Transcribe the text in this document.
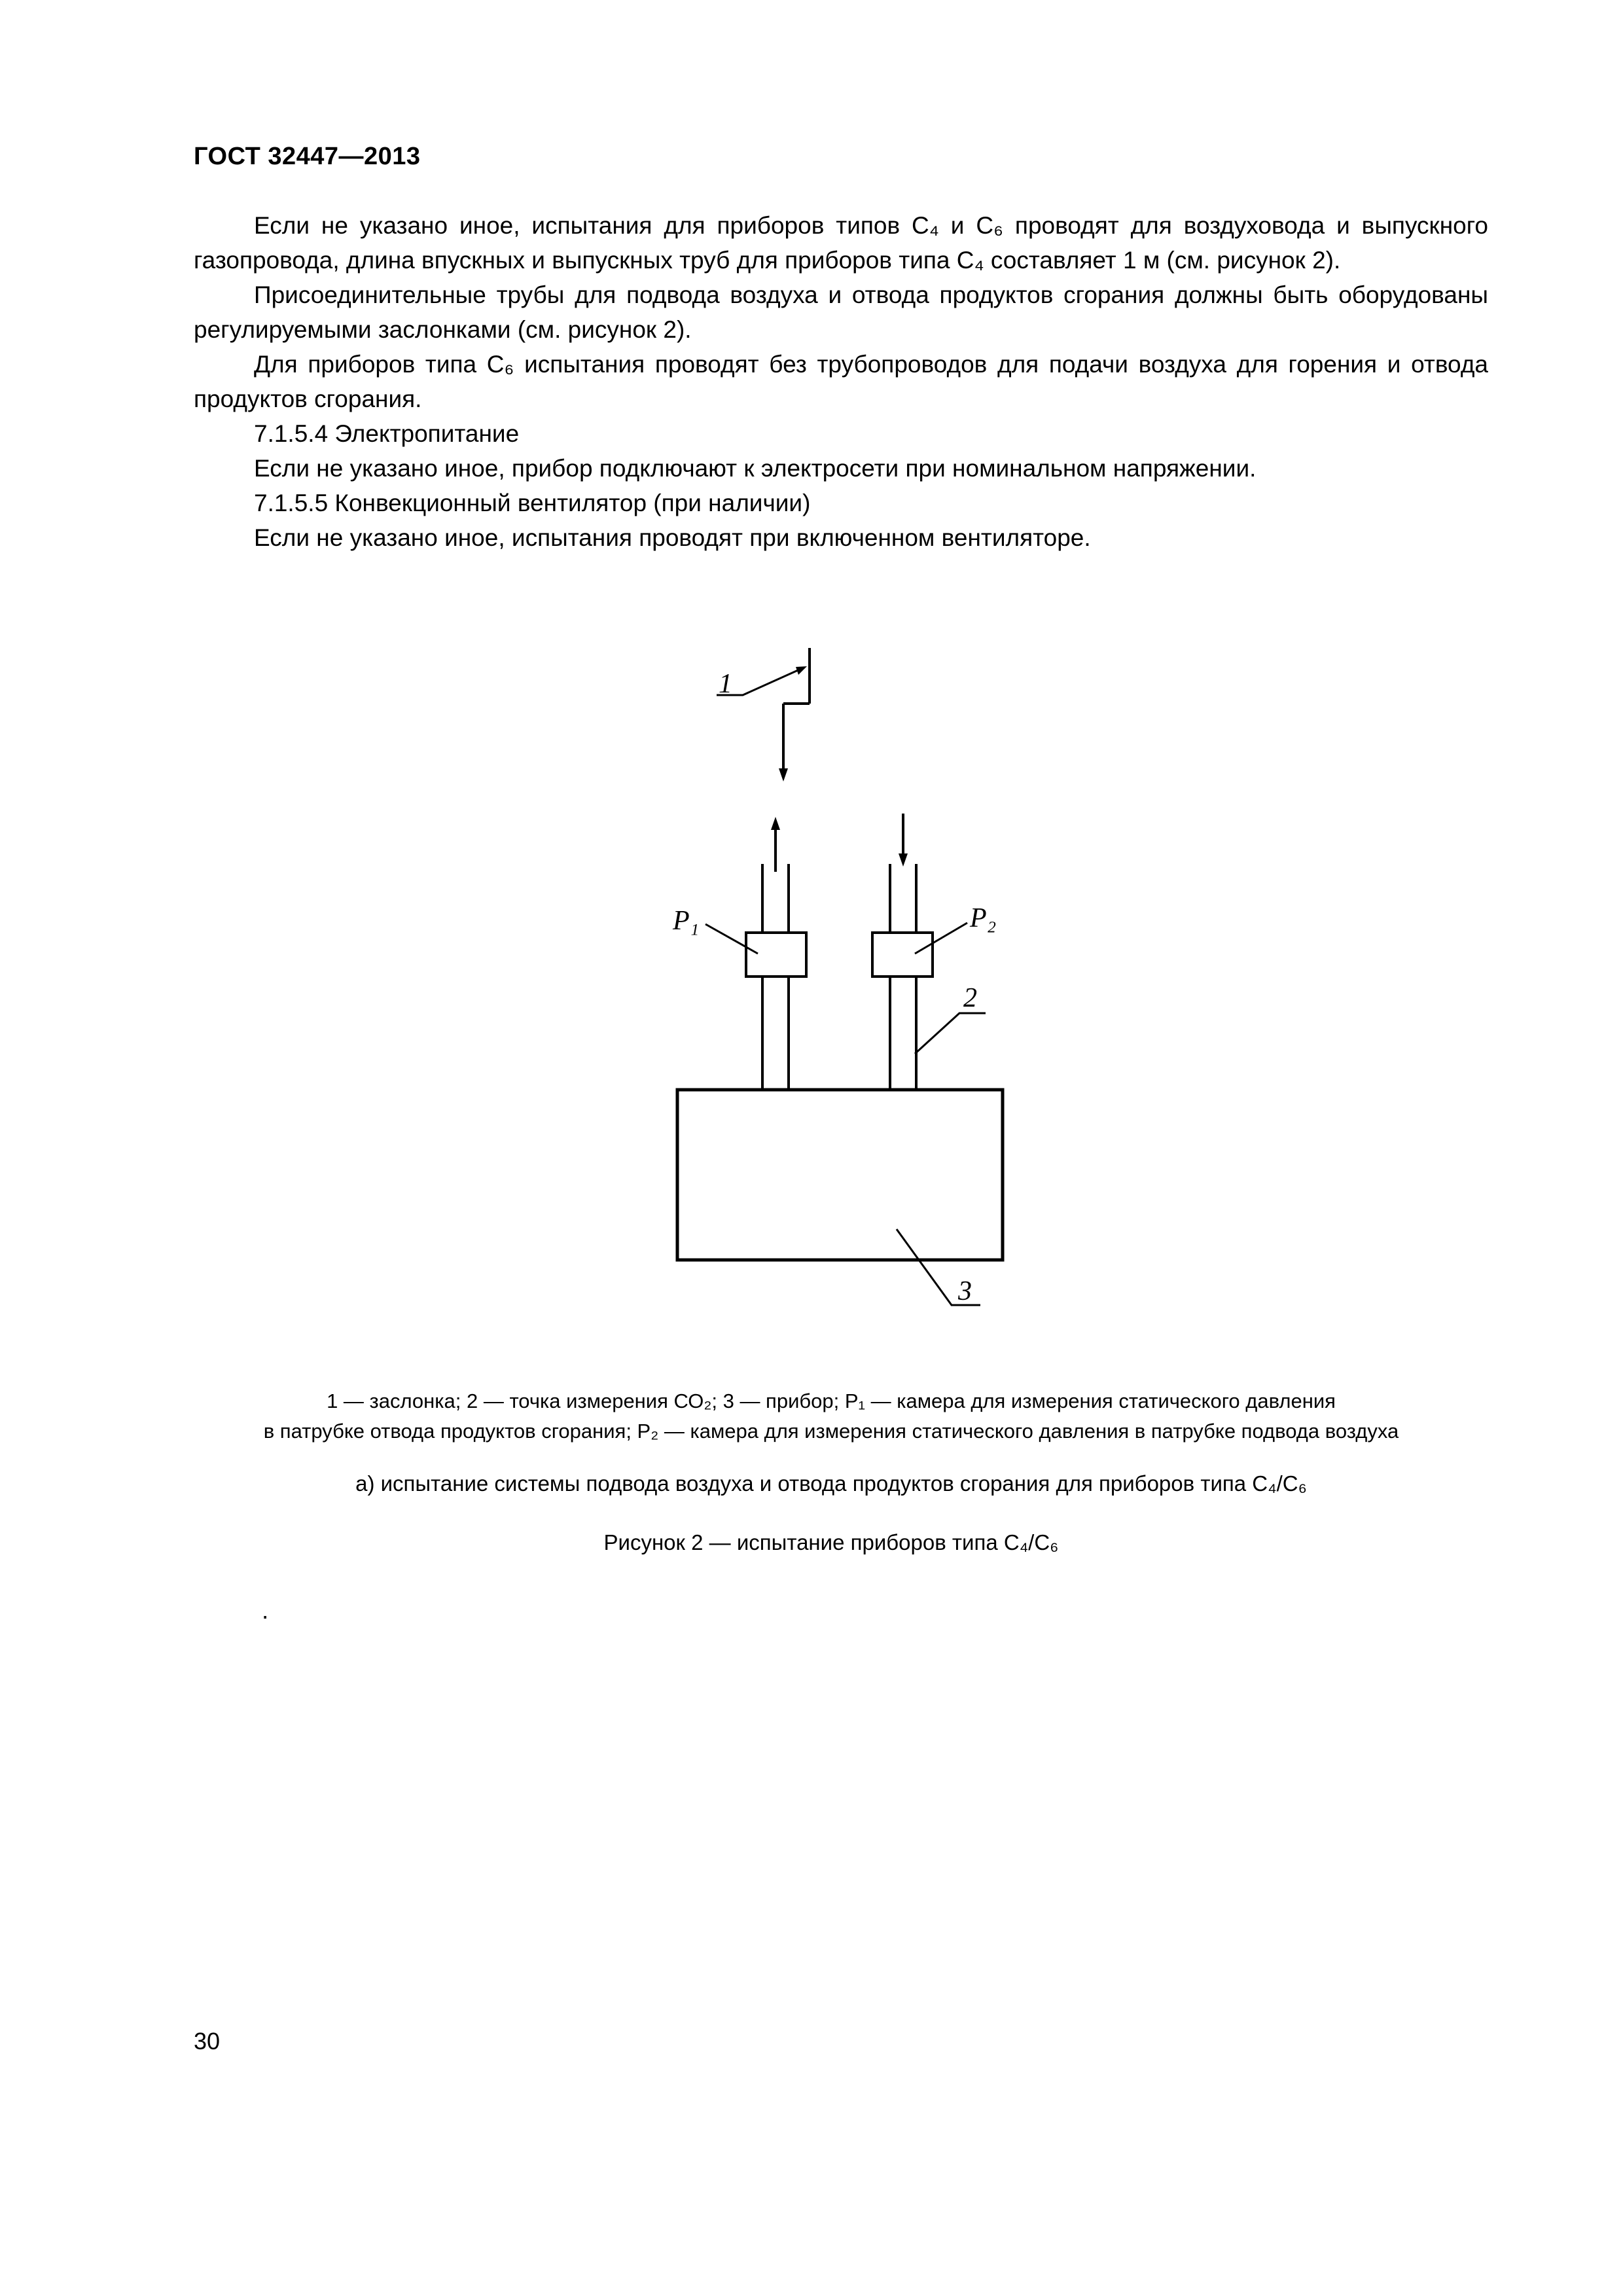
ГОСТ 32447—2013

Если не указано иное, испытания для приборов типов С₄ и С₆ проводят для воздуховода и выпускного газопровода, длина впускных и выпускных труб для приборов типа С₄ составляет 1 м (см. рисунок 2).

Присоединительные трубы для подвода воздуха и отвода продуктов сгорания должны быть оборудованы регулируемыми заслонками (см. рисунок 2).

Для приборов типа С₆ испытания проводят без трубопроводов для подачи воздуха для горения и отвода продуктов сгорания.

7.1.5.4 Электропитание

Если не указано иное, прибор подключают к электросети при номинальном напряжении.

7.1.5.5 Конвекционный вентилятор (при наличии)

Если не указано иное, испытания проводят при включенном вентиляторе.

1
P₁	P₂
2
3
1 — заслонка; 2 — точка измерения СО₂; 3 — прибор; P₁ — камера для измерения статического давления
в патрубке отвода продуктов сгорания; P₂ — камера для измерения статического давления в патрубке подвода воздуха
а) испытание системы подвода воздуха и отвода продуктов сгорания для приборов типа С₄/С₆
Рисунок 2 — испытание приборов типа С₄/С₆
.
30
